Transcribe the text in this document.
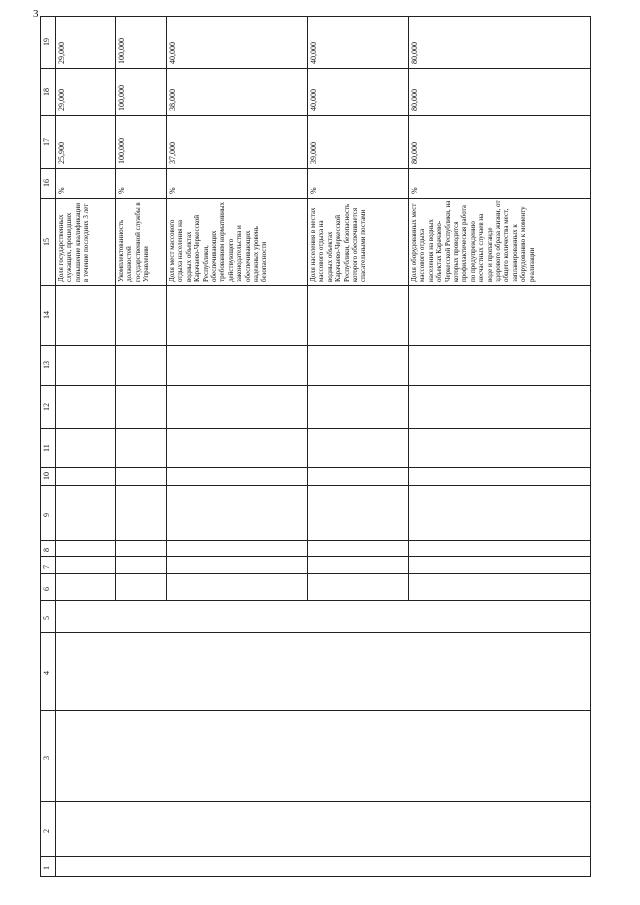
3
19
18
17
16
15
14
13
12
11
10
9
8
7
6
5
4
3
2
1
29,000
29,000
25,900
%
Доля государственных служащих, прошедших повышение квалификации в течение последних 3 лет
100,000
100,000
100,000
%
Укомплектованность должностей государственной службы в Управлении
40,000
38,000
37,000
%
Доля мест массового отдыха населения на водных объектах Карачаево-Черкесской Республики, обеспечивающих требованиям нормативных действующего законодательства и обеспечивающих надежных уровень безопасности
40,000
40,000
39,000
%
Доля населения в местах массового отдыха на водных объектах Карачаево-Черкесской Республики, безопасность которого обеспечивается спасательными постами
80,000
80,000
80,000
%
Доля оборудованных мест массового отдыха населения на водных объектах Карачаево-Черкесской Республики, на которых проводится профилактическая работа по предупреждению несчастных случаев на воде и пропаганде здорового образа жизни, от общего количества мест, запланированных к оборудованию к моменту реализации
